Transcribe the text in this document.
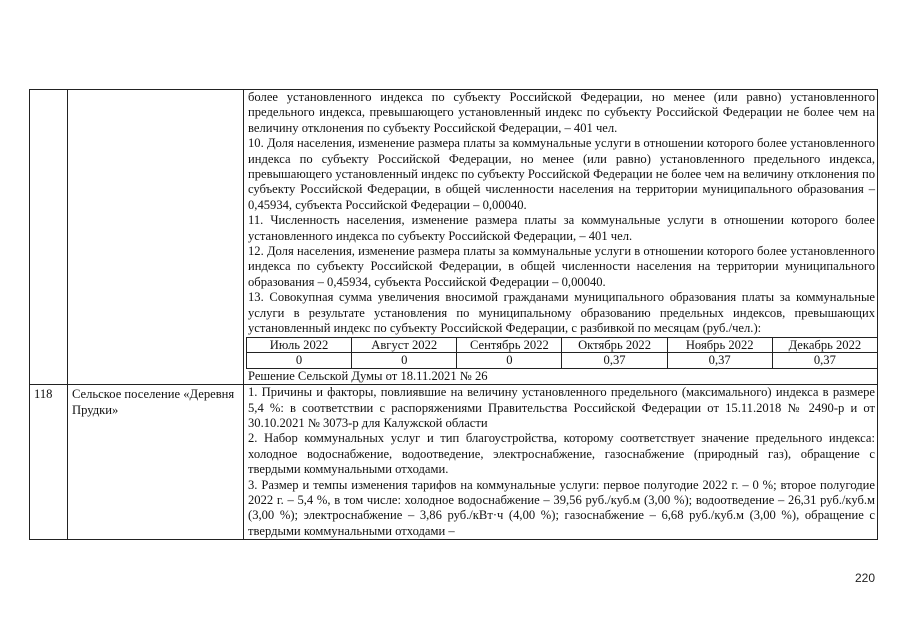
более установленного индекса по субъекту Российской Федерации, но менее (или равно) установленного предельного индекса, превышающего установленный индекс по субъекту Российской Федерации не более чем на величину отклонения по субъекту Российской Федерации, – 401 чел.
10. Доля населения, изменение размера платы за коммунальные услуги в отношении которого более установленного индекса по субъекту Российской Федерации, но менее (или равно) установленного предельного индекса, превышающего установленный индекс по субъекту Российской Федерации не более чем на величину отклонения по субъекту Российской Федерации, в общей численности населения на территории муниципального образования – 0,45934, субъекта Российской Федерации – 0,00040.
11. Численность населения, изменение размера платы за коммунальные услуги в отношении которого более установленного индекса по субъекту Российской Федерации, – 401 чел.
12. Доля населения, изменение размера платы за коммунальные услуги в отношении которого более установленного индекса по субъекту Российской Федерации, в общей численности населения на территории муниципального образования – 0,45934, субъекта Российской Федерации – 0,00040.
13. Совокупная сумма увеличения вносимой гражданами муниципального образования платы за коммунальные услуги в результате установления по муниципальному образованию предельных индексов, превышающих установленный индекс по субъекту Российской Федерации, с разбивкой по месяцам (руб./чел.):
Июль 2022	Август 2022	Сентябрь 2022	Октябрь 2022	Ноябрь 2022	Декабрь 2022
0	0	0	0,37	0,37	0,37
Решение Сельской Думы от 18.11.2021 № 26

118	Сельское поселение «Деревня Прудки»	
1. Причины и факторы, повлиявшие на величину установленного предельного (максимального) индекса в размере 5,4 %: в соответствии с распоряжениями Правительства Российской Федерации от 15.11.2018 № 2490-р и от 30.10.2021 № 3073-р для Калужской области
2. Набор коммунальных услуг и тип благоустройства, которому соответствует значение предельного индекса: холодное водоснабжение, водоотведение, электроснабжение, газоснабжение (природный газ), обращение с твердыми коммунальными отходами.
3. Размер и темпы изменения тарифов на коммунальные услуги: первое полугодие 2022 г. – 0 %; второе полугодие 2022 г. – 5,4 %, в том числе: холодное водоснабжение – 39,56 руб./куб.м (3,00 %); водоотведение – 26,31 руб./куб.м (3,00 %); электроснабжение – 3,86 руб./кВт·ч (4,00 %); газоснабжение – 6,68 руб./куб.м (3,00 %), обращение с твердыми коммунальными отходами –
220
